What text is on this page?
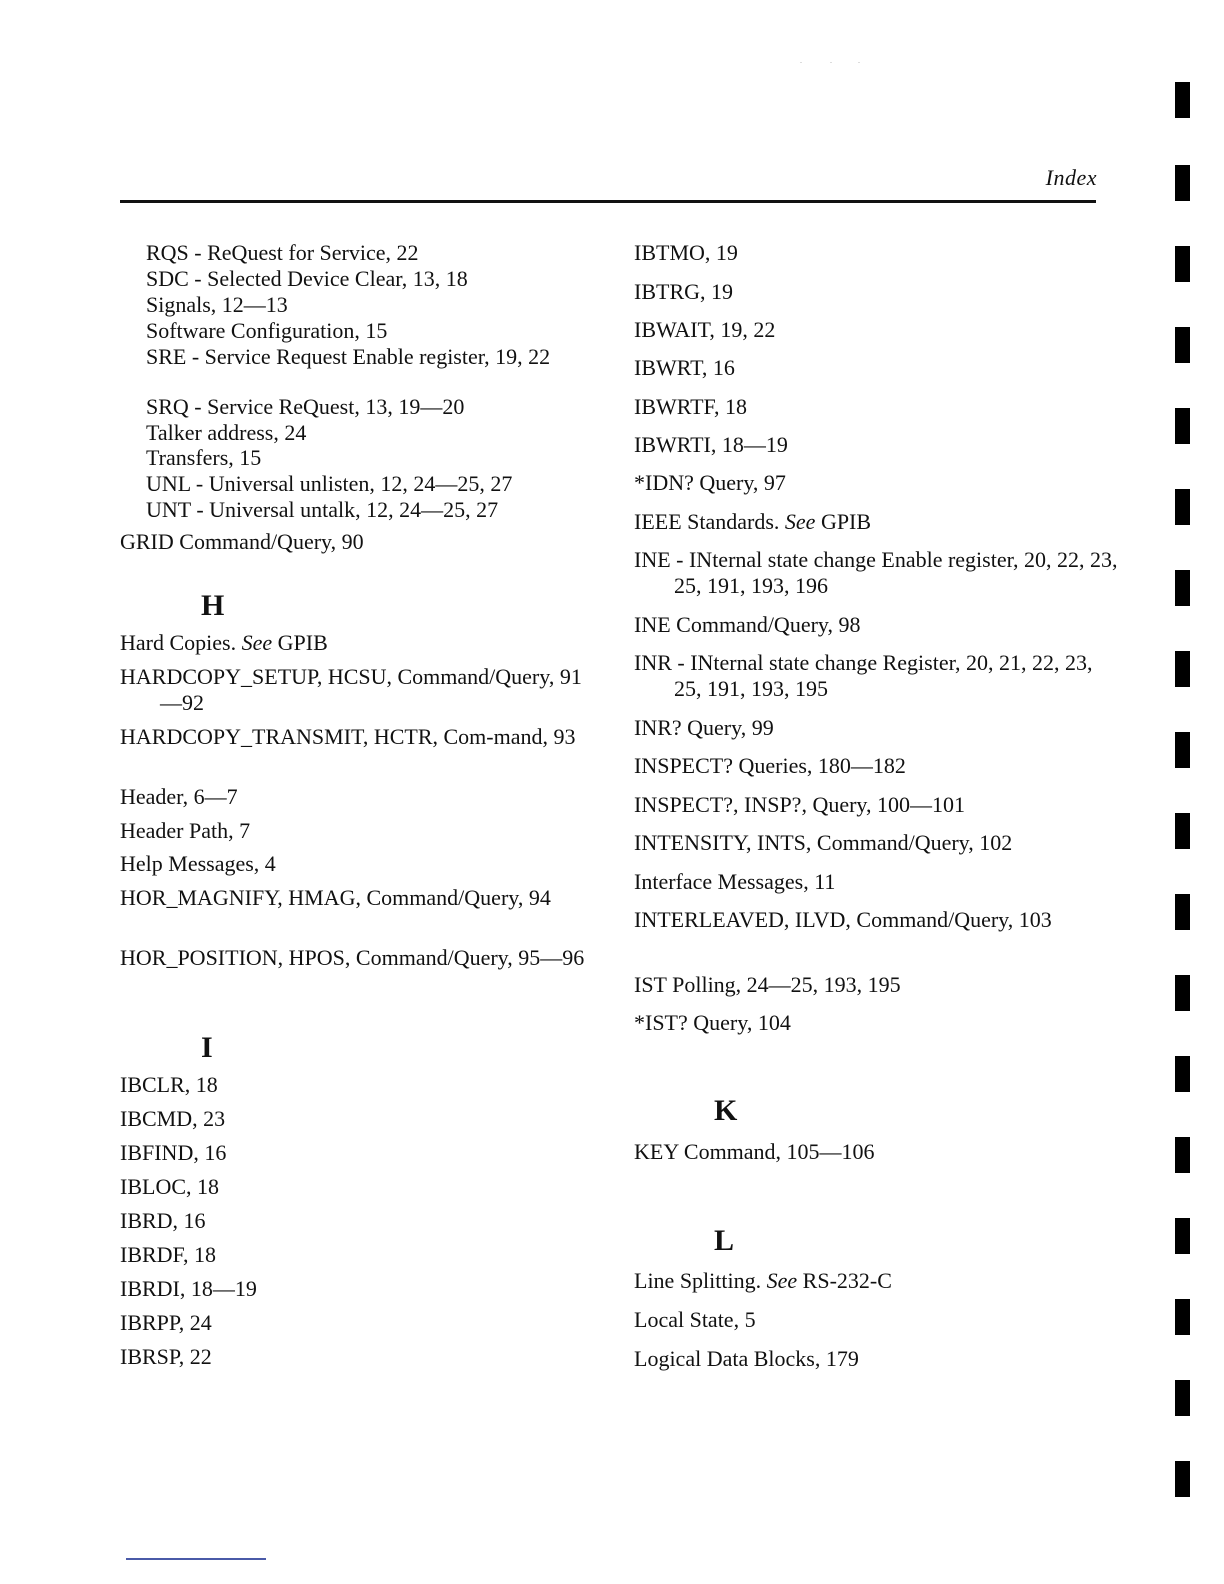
Index
RQS - ReQuest for Service, 22
SDC - Selected Device Clear, 13, 18
Signals, 12—13
Software Configuration, 15
SRE - Service Request Enable register, 19, 22
SRQ - Service ReQuest, 13, 19—20
Talker address, 24
Transfers, 15
UNL - Universal unlisten, 12, 24—25, 27
UNT - Universal untalk, 12, 24—25, 27
GRID Command/Query, 90
H
Hard Copies. See GPIB
HARDCOPY_SETUP, HCSU, Command/Query, 91—92
HARDCOPY_TRANSMIT, HCTR, Com-mand, 93
Header, 6—7
Header Path, 7
Help Messages, 4
HOR_MAGNIFY, HMAG, Command/Query, 94
HOR_POSITION, HPOS, Command/Query, 95—96
I
IBCLR, 18
IBCMD, 23
IBFIND, 16
IBLOC, 18
IBRD, 16
IBRDF, 18
IBRDI, 18—19
IBRPP, 24
IBRSP, 22
IBTMO, 19
IBTRG, 19
IBWAIT, 19, 22
IBWRT, 16
IBWRTF, 18
IBWRTI, 18—19
*IDN? Query, 97
IEEE Standards. See GPIB
INE - INternal state change Enable register, 20, 22, 23, 25, 191, 193, 196
INE Command/Query, 98
INR - INternal state change Register, 20, 21, 22, 23, 25, 191, 193, 195
INR? Query, 99
INSPECT? Queries, 180—182
INSPECT?, INSP?, Query, 100—101
INTENSITY, INTS, Command/Query, 102
Interface Messages, 11
INTERLEAVED, ILVD, Command/Query, 103
IST Polling, 24—25, 193, 195
*IST? Query, 104
K
KEY Command, 105—106
L
Line Splitting. See RS-232-C
Local State, 5
Logical Data Blocks, 179
